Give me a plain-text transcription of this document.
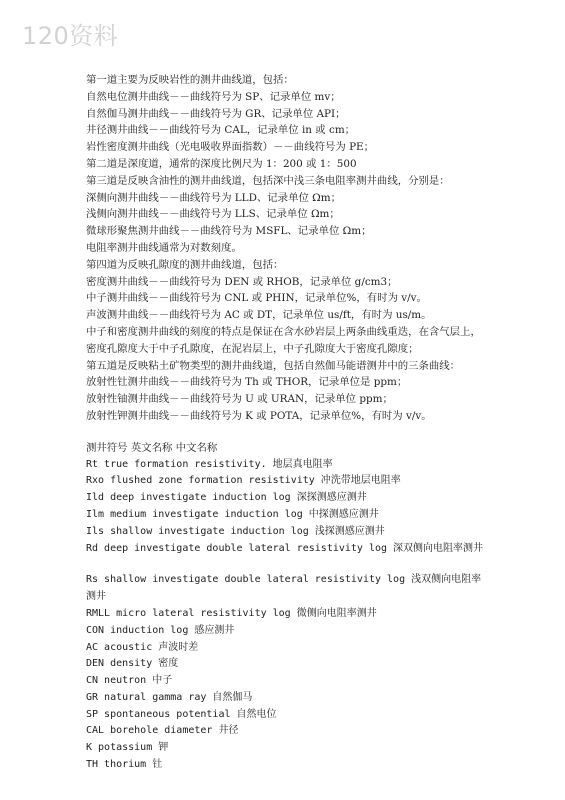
120资料
第一道主要为反映岩性的测井曲线道，包括：
自然电位测井曲线－－曲线符号为 SP、记录单位 mv；
自然伽马测井曲线－－曲线符号为 GR、记录单位 API；
井径测井曲线－－曲线符号为 CAL，记录单位 in 或 cm；
岩性密度测井曲线（光电吸收界面指数）－－曲线符号为 PE；
第二道是深度道，通常的深度比例尺为 1：200 或 1：500
第三道是反映含油性的测井曲线道，包括深中浅三条电阻率测井曲线，分别是：
深侧向测井曲线－－曲线符号为 LLD、记录单位 Ωm；
浅侧向测井曲线－－曲线符号为 LLS、记录单位 Ωm；
微球形聚焦测井曲线－－曲线符号为 MSFL、记录单位 Ωm；
电阻率测井曲线通常为对数刻度。
第四道为反映孔隙度的测井曲线道，包括：
密度测井曲线－－曲线符号为 DEN 或 RHOB，记录单位 g/cm3；
中子测井曲线－－曲线符号为 CNL 或 PHIN，记录单位%，有时为 v/v。
声波测井曲线－－曲线符号为 AC 或 DT，记录单位 us/ft，有时为 us/m。
中子和密度测井曲线的刻度的特点是保证在含水砂岩层上两条曲线重迭，在含气层上，密度孔隙度大于中子孔隙度，在泥岩层上，中子孔隙度大于密度孔隙度；
第五道是反映粘土矿物类型的测井曲线道，包括自然伽马能谱测井中的三条曲线：
放射性钍测井曲线－－曲线符号为 Th 或 THOR，记录单位是 ppm；
放射性铀测井曲线－－曲线符号为 U 或 URAN，记录单位 ppm；
放射性钾测井曲线－－曲线符号为 K 或 POTA，记录单位%，有时为 v/v。
测井符号 英文名称 中文名称
Rt true formation resistivity. 地层真电阻率
Rxo flushed zone formation resistivity 冲洗带地层电阻率
Ild deep investigate induction log 深探测感应测井
Ilm medium investigate induction log 中探测感应测井
Ils shallow investigate induction log 浅探测感应测井
Rd deep investigate double lateral resistivity log 深双侧向电阻率测井
Rs shallow investigate double lateral resistivity log 浅双侧向电阻率测井
RMLL micro lateral resistivity log 微侧向电阻率测井
CON induction log 感应测井
AC acoustic 声波时差
DEN density 密度
CN neutron 中子
GR natural gamma ray 自然伽马
SP spontaneous potential 自然电位
CAL borehole diameter 井径
K potassium 钾
TH thorium 钍
